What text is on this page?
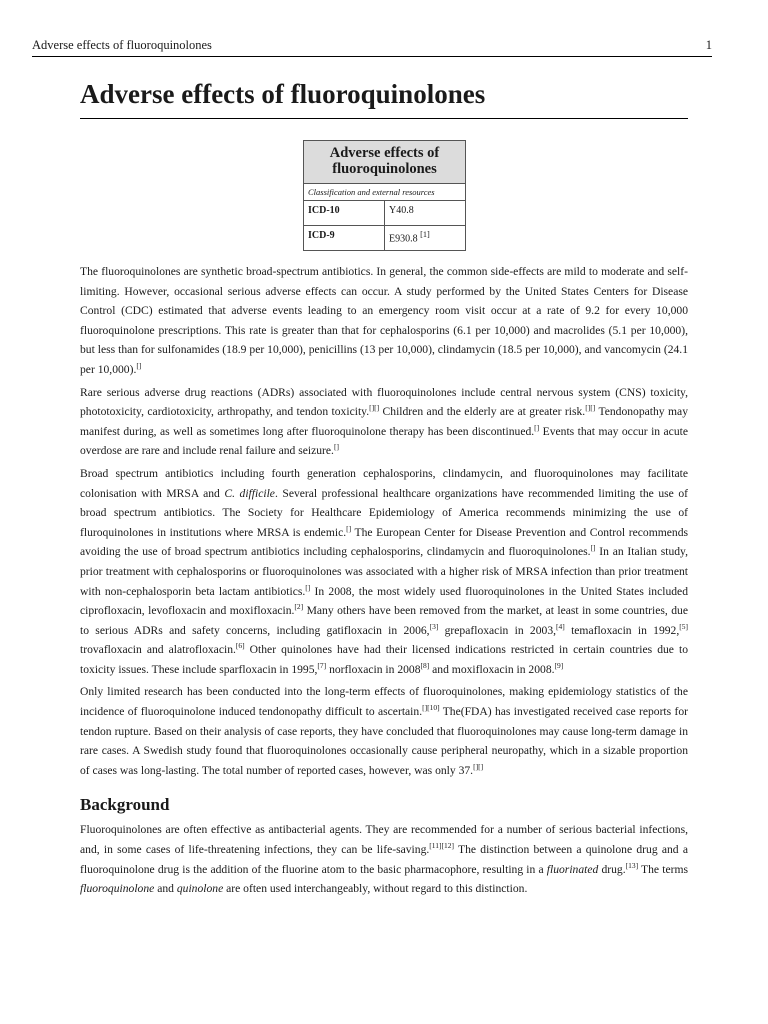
Adverse effects of fluoroquinolones	1
Adverse effects of fluoroquinolones
Adverse effects of fluoroquinolones	
Classification and external resources	
ICD-10	Y40.8
ICD-9	E930.8 [1]

The fluoroquinolones are synthetic broad-spectrum antibiotics. In general, the common side-effects are mild to moderate and self-limiting. However, occasional serious adverse effects can occur. A study performed by the United States Centers for Disease Control (CDC) estimated that adverse events leading to an emergency room visit occur at a rate of 9.2 for every 10,000 fluoroquinolone prescriptions. This rate is greater than that for cephalosporins (6.1 per 10,000) and macrolides (5.1 per 10,000), but less than for sulfonamides (18.9 per 10,000), penicillins (13 per 10,000), clindamycin (18.5 per 10,000), and vancomycin (24.1 per 10,000).[]

Rare serious adverse drug reactions (ADRs) associated with fluoroquinolones include central nervous system (CNS) toxicity, phototoxicity, cardiotoxicity, arthropathy, and tendon toxicity.[][] Children and the elderly are at greater risk.[][] Tendonopathy may manifest during, as well as sometimes long after fluoroquinolone therapy has been discontinued.[] Events that may occur in acute overdose are rare and include renal failure and seizure.[]

Broad spectrum antibiotics including fourth generation cephalosporins, clindamycin, and fluoroquinolones may facilitate colonisation with MRSA and C. difficile. Several professional healthcare organizations have recommended limiting the use of broad spectrum antibiotics. The Society for Healthcare Epidemiology of America recommends minimizing the use of fluroquinolones in institutions where MRSA is endemic.[] The European Center for Disease Prevention and Control recommends avoiding the use of broad spectrum antibiotics including cephalosporins, clindamycin and fluoroquinolones.[] In an Italian study, prior treatment with cephalosporins or fluoroquinolones was associated with a higher risk of MRSA infection than prior treatment with non-cephalosporin beta lactam antibiotics.[] In 2008, the most widely used fluoroquinolones in the United States included ciprofloxacin, levofloxacin and moxifloxacin.[2] Many others have been removed from the market, at least in some countries, due to serious ADRs and safety concerns, including gatifloxacin in 2006,[3] grepafloxacin in 2003,[4] temafloxacin in 1992,[5] trovafloxacin and alatrofloxacin.[6] Other quinolones have had their licensed indications restricted in certain countries due to toxicity issues. These include sparfloxacin in 1995,[7] norfloxacin in 2008[8] and moxifloxacin in 2008.[9]

Only limited research has been conducted into the long-term effects of fluoroquinolones, making epidemiology statistics of the incidence of fluoroquinolone induced tendonopathy difficult to ascertain.[][10] The(FDA) has investigated received case reports for tendon rupture. Based on their analysis of case reports, they have concluded that fluoroquinolones may cause long-term damage in rare cases. A Swedish study found that fluoroquinolones occasionally cause peripheral neuropathy, which in a sizable proportion of cases was long-lasting. The total number of reported cases, however, was only 37.[][]

Background

Fluoroquinolones are often effective as antibacterial agents. They are recommended for a number of serious bacterial infections, and, in some cases of life-threatening infections, they can be life-saving.[11][12] The distinction between a quinolone drug and a fluoroquinolone drug is the addition of the fluorine atom to the basic pharmacophore, resulting in a fluorinated drug.[13] The terms fluoroquinolone and quinolone are often used interchangeably, without regard to this distinction.
